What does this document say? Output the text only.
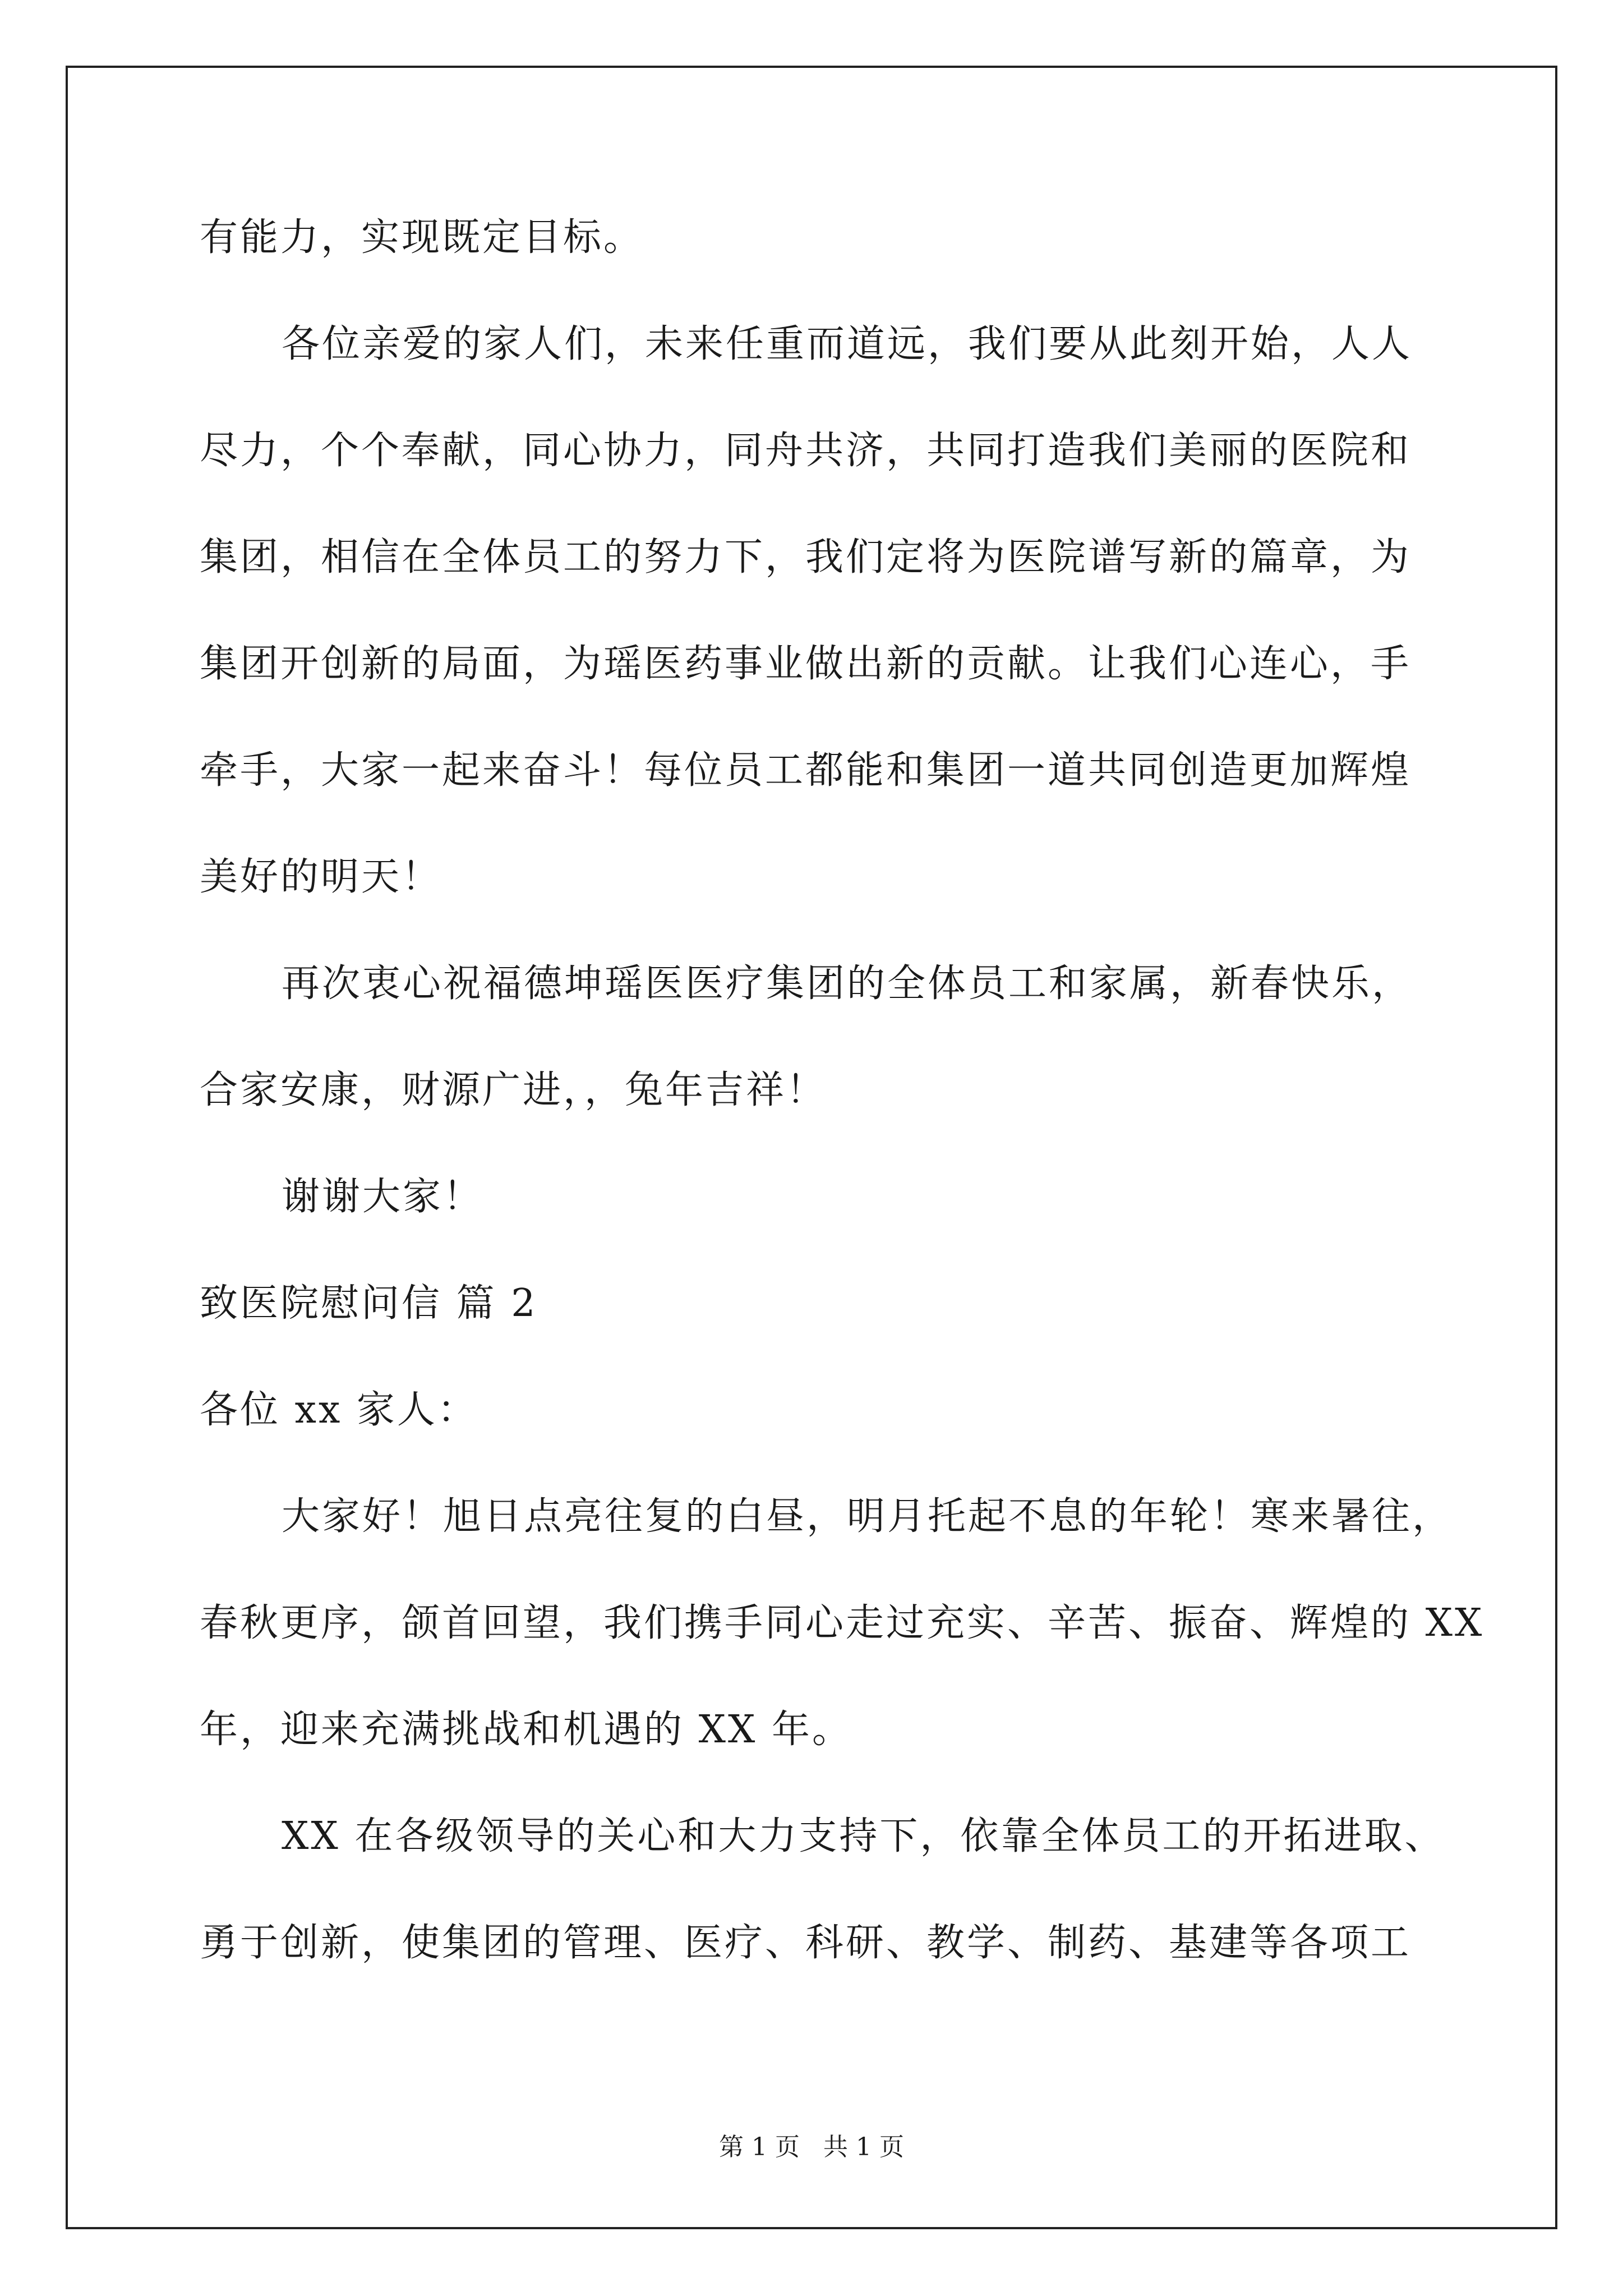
有能力，实现既定目标。
各位亲爱的家人们，未来任重而道远，我们要从此刻开始，人人
尽力，个个奉献，同心协力，同舟共济，共同打造我们美丽的医院和
集团，相信在全体员工的努力下，我们定将为医院谱写新的篇章，为
集团开创新的局面，为瑶医药事业做出新的贡献。让我们心连心，手
牵手，大家一起来奋斗！每位员工都能和集团一道共同创造更加辉煌
美好的明天！
再次衷心祝福德坤瑶医医疗集团的全体员工和家属，新春快乐，
合家安康，财源广进，，兔年吉祥！
谢谢大家！
致医院慰问信 篇 2
各位 xx 家人：
大家好！旭日点亮往复的白昼，明月托起不息的年轮！寒来暑往，
春秋更序，颌首回望，我们携手同心走过充实、辛苦、振奋、辉煌的 XX
年，迎来充满挑战和机遇的 XX 年。
XX 在各级领导的关心和大力支持下，依靠全体员工的开拓进取、
勇于创新，使集团的管理、医疗、科研、教学、制药、基建等各项工
第 1 页   共 1 页
